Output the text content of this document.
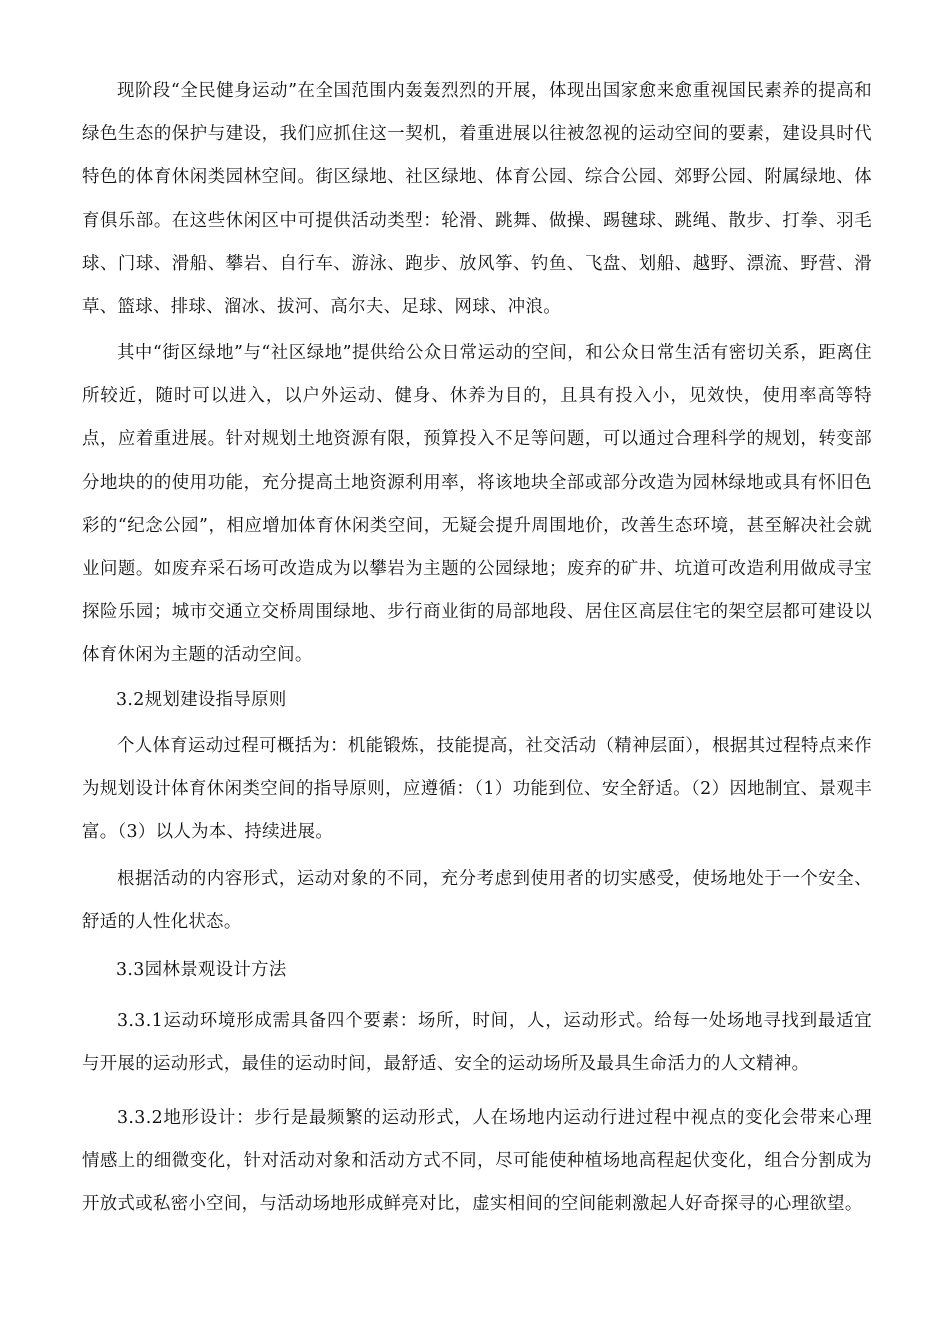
现阶段“全民健身运动”在全国范围内轰轰烈烈的开展，体现出国家愈来愈重视国民素养的提高和绿色生态的保护与建设，我们应抓住这一契机，着重进展以往被忽视的运动空间的要素，建设具时代特色的体育休闲类园林空间。街区绿地、社区绿地、体育公园、综合公园、郊野公园、附属绿地、体育俱乐部。在这些休闲区中可提供活动类型：轮滑、跳舞、做操、踢毽球、跳绳、散步、打拳、羽毛球、门球、滑船、攀岩、自行车、游泳、跑步、放风筝、钓鱼、飞盘、划船、越野、漂流、野营、滑草、篮球、排球、溜冰、拔河、高尔夫、足球、网球、冲浪。

其中“街区绿地”与“社区绿地”提供给公众日常运动的空间，和公众日常生活有密切关系，距离住所较近，随时可以进入，以户外运动、健身、休养为目的，且具有投入小，见效快，使用率高等特点，应着重进展。针对规划土地资源有限，预算投入不足等问题，可以通过合理科学的规划，转变部分地块的的使用功能，充分提高土地资源利用率，将该地块全部或部分改造为园林绿地或具有怀旧色彩的“纪念公园”，相应增加体育休闲类空间，无疑会提升周围地价，改善生态环境，甚至解决社会就业问题。如废弃采石场可改造成为以攀岩为主题的公园绿地；废弃的矿井、坑道可改造利用做成寻宝探险乐园；城市交通立交桥周围绿地、步行商业街的局部地段、居住区高层住宅的架空层都可建设以体育休闲为主题的活动空间。

3.2规划建设指导原则

个人体育运动过程可概括为：机能锻炼，技能提高，社交活动（精神层面），根据其过程特点来作为规划设计体育休闲类空间的指导原则，应遵循：（1）功能到位、安全舒适。（2）因地制宜、景观丰富。（3）以人为本、持续进展。

根据活动的内容形式，运动对象的不同，充分考虑到使用者的切实感受，使场地处于一个安全、舒适的人性化状态。

3.3园林景观设计方法

3.3.1运动环境形成需具备四个要素：场所，时间，人，运动形式。给每一处场地寻找到最适宜与开展的运动形式，最佳的运动时间，最舒适、安全的运动场所及最具生命活力的人文精神。

3.3.2地形设计：步行是最频繁的运动形式，人在场地内运动行进过程中视点的变化会带来心理情感上的细微变化，针对活动对象和活动方式不同，尽可能使种植场地高程起伏变化，组合分割成为开放式或私密小空间，与活动场地形成鲜亮对比，虚实相间的空间能刺激起人好奇探寻的心理欲望。
